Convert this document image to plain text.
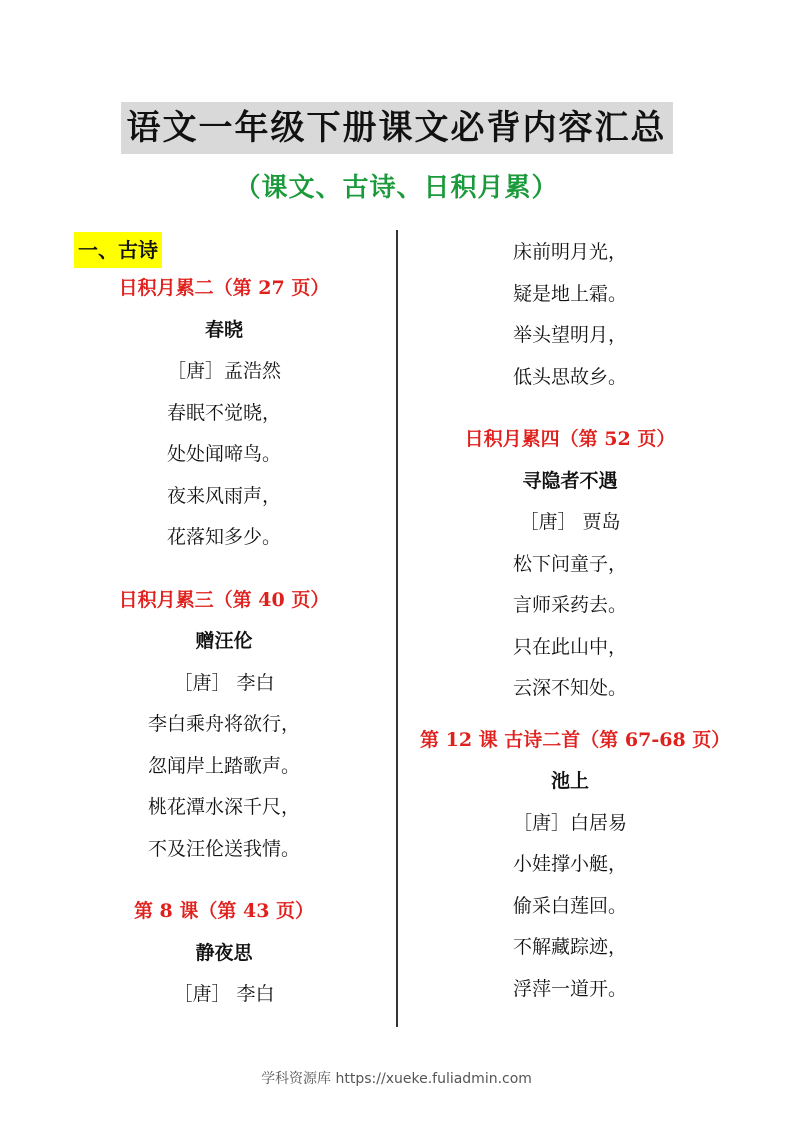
语文一年级下册课文必背内容汇总
（课文、古诗、日积月累）
一、古诗
日积月累二（第 27 页）
春晓
［唐］孟浩然
春眠不觉晓，
处处闻啼鸟。
夜来风雨声，
花落知多少。
日积月累三（第 40 页）
赠汪伦
［唐］ 李白
李白乘舟将欲行，
忽闻岸上踏歌声。
桃花潭水深千尺，
不及汪伦送我情。
第 8 课（第 43 页）
静夜思
［唐］ 李白
床前明月光，
疑是地上霜。
举头望明月，
低头思故乡。
日积月累四（第 52 页）
寻隐者不遇
［唐］ 贾岛
松下问童子，
言师采药去。
只在此山中，
云深不知处。
第 12 课 古诗二首（第 67-68 页）
池上
［唐］白居易
小娃撑小艇，
偷采白莲回。
不解藏踪迹，
浮萍一道开。
学科资源库 https://xueke.fuliadmin.com
